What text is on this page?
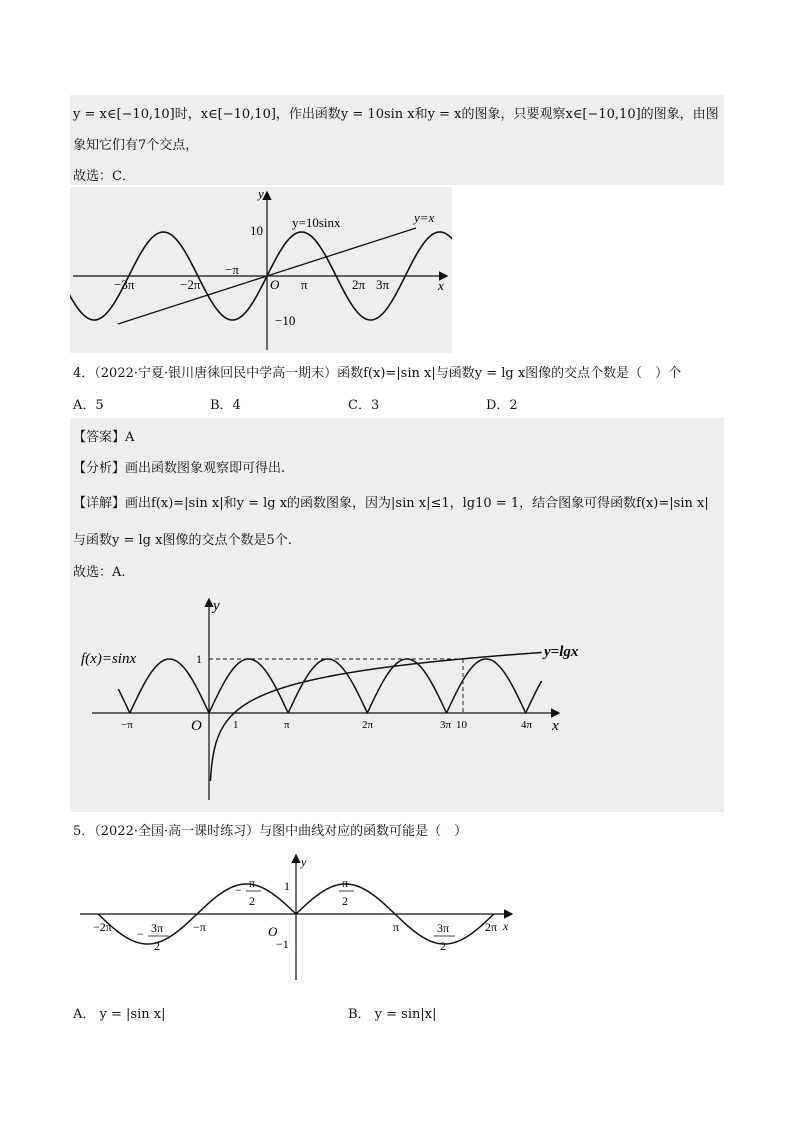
y = x∈[−10,10]时，x∈[−10,10]，作出函数y = 10sin x和y = x的图象，只要观察x∈[−10,10]的图象，由图
象知它们有7个交点，
故选：C．
y
x
O
y=10sinx	y=x
10
−10
−3π	−2π
−π
π	2π 3π
4．（2022·宁夏·银川唐徕回民中学高一期末）函数f(x)=|sin x|与函数y = lg x图像的交点个数是（　）个
A．5	B．4	C．3	D．2
【答案】A
【分析】画出函数图象观察即可得出.
【详解】画出f(x)=|sin x|和y = lg x的函数图象，因为|sin x|≤1，lg10 = 1，结合图象可得函数f(x)=|sin x|
与函数y = lg x图像的交点个数是5个.
故选：A.
y
x
O
f(x)=sinx	y=lgx
1
−π	1	π	2π	3π 10	4π
5．（2022·全国·高一课时练习）与图中曲线对应的函数可能是（　）
y
x
O
1
−1
−2π	−π	π	2π
− π
2
π
2
− 3π
2
3π
2
A． y = |sin x|	B． y = sin|x|
